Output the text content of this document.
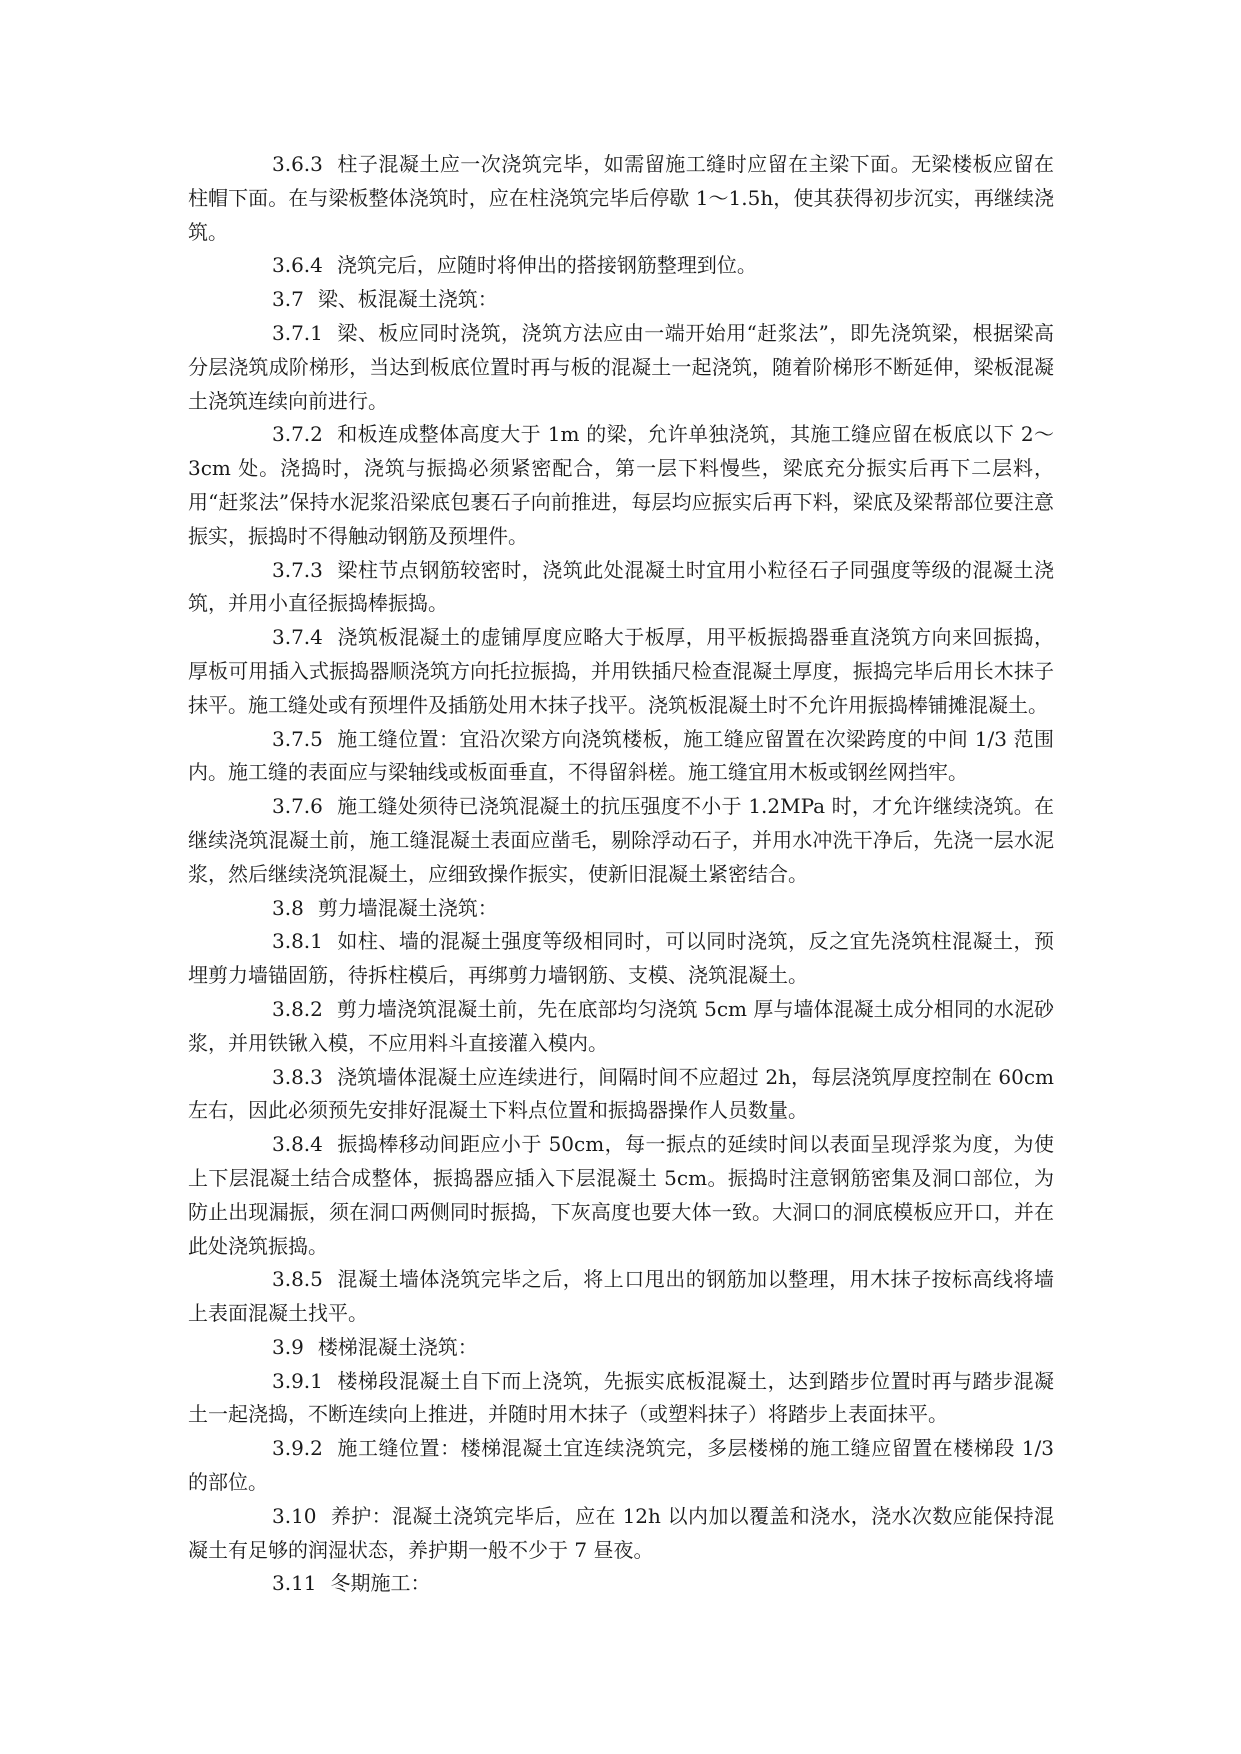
3.6.3 柱子混凝土应一次浇筑完毕，如需留施工缝时应留在主梁下面。无梁楼板应留在柱帽下面。在与梁板整体浇筑时，应在柱浇筑完毕后停歇 1～1.5h，使其获得初步沉实，再继续浇筑。

3.6.4 浇筑完后，应随时将伸出的搭接钢筋整理到位。

3.7 梁、板混凝土浇筑：

3.7.1 梁、板应同时浇筑，浇筑方法应由一端开始用“赶浆法”，即先浇筑梁，根据梁高分层浇筑成阶梯形，当达到板底位置时再与板的混凝土一起浇筑，随着阶梯形不断延伸，梁板混凝土浇筑连续向前进行。

3.7.2 和板连成整体高度大于 1m 的梁，允许单独浇筑，其施工缝应留在板底以下 2～3cm 处。浇捣时，浇筑与振捣必须紧密配合，第一层下料慢些，梁底充分振实后再下二层料，用“赶浆法”保持水泥浆沿梁底包裹石子向前推进，每层均应振实后再下料，梁底及梁帮部位要注意振实，振捣时不得触动钢筋及预埋件。

3.7.3 梁柱节点钢筋较密时，浇筑此处混凝土时宜用小粒径石子同强度等级的混凝土浇筑，并用小直径振捣棒振捣。

3.7.4 浇筑板混凝土的虚铺厚度应略大于板厚，用平板振捣器垂直浇筑方向来回振捣，厚板可用插入式振捣器顺浇筑方向托拉振捣，并用铁插尺检查混凝土厚度，振捣完毕后用长木抹子抹平。施工缝处或有预埋件及插筋处用木抹子找平。浇筑板混凝土时不允许用振捣棒铺摊混凝土。

3.7.5 施工缝位置：宜沿次梁方向浇筑楼板，施工缝应留置在次梁跨度的中间 1/3 范围内。施工缝的表面应与梁轴线或板面垂直，不得留斜槎。施工缝宜用木板或钢丝网挡牢。

3.7.6 施工缝处须待已浇筑混凝土的抗压强度不小于 1.2MPa 时，才允许继续浇筑。在继续浇筑混凝土前，施工缝混凝土表面应凿毛，剔除浮动石子，并用水冲洗干净后，先浇一层水泥浆，然后继续浇筑混凝土，应细致操作振实，使新旧混凝土紧密结合。

3.8 剪力墙混凝土浇筑：

3.8.1 如柱、墙的混凝土强度等级相同时，可以同时浇筑，反之宜先浇筑柱混凝土，预埋剪力墙锚固筋，待拆柱模后，再绑剪力墙钢筋、支模、浇筑混凝土。

3.8.2 剪力墙浇筑混凝土前，先在底部均匀浇筑 5cm 厚与墙体混凝土成分相同的水泥砂浆，并用铁锹入模，不应用料斗直接灌入模内。

3.8.3 浇筑墙体混凝土应连续进行，间隔时间不应超过 2h，每层浇筑厚度控制在 60cm 左右，因此必须预先安排好混凝土下料点位置和振捣器操作人员数量。

3.8.4 振捣棒移动间距应小于 50cm，每一振点的延续时间以表面呈现浮浆为度，为使上下层混凝土结合成整体，振捣器应插入下层混凝土 5cm。振捣时注意钢筋密集及洞口部位，为防止出现漏振，须在洞口两侧同时振捣，下灰高度也要大体一致。大洞口的洞底模板应开口，并在此处浇筑振捣。

3.8.5 混凝土墙体浇筑完毕之后，将上口甩出的钢筋加以整理，用木抹子按标高线将墙上表面混凝土找平。

3.9 楼梯混凝土浇筑：

3.9.1 楼梯段混凝土自下而上浇筑，先振实底板混凝土，达到踏步位置时再与踏步混凝土一起浇捣，不断连续向上推进，并随时用木抹子（或塑料抹子）将踏步上表面抹平。

3.9.2 施工缝位置：楼梯混凝土宜连续浇筑完，多层楼梯的施工缝应留置在楼梯段 1/3 的部位。

3.10 养护：混凝土浇筑完毕后，应在 12h 以内加以覆盖和浇水，浇水次数应能保持混凝土有足够的润湿状态，养护期一般不少于 7 昼夜。

3.11 冬期施工：
